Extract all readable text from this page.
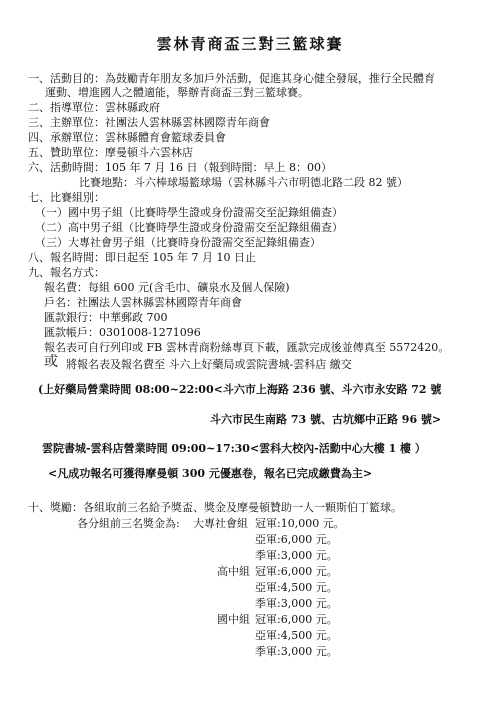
雲林青商盃三對三籃球賽
一、活動目的：為鼓勵青年朋友多加戶外活動，促進其身心健全發展，推行全民體育
運動、增進國人之體適能，舉辦青商盃三對三籃球賽。
二、指導單位：雲林縣政府
三、主辦單位：社團法人雲林縣雲林國際青年商會
四、承辦單位：雲林縣體育會籃球委員會
五、贊助單位：摩曼頓斗六雲林店
六、活動時間：105 年 7 月 16 日（報到時間：早上 8：00）
比賽地點：斗六棒球場籃球場（雲林縣斗六市明德北路二段 82 號）
七、比賽組別：
（一）國中男子組（比賽時學生證或身份證需交至記錄組備查）
（二）高中男子組（比賽時學生證或身份證需交至記錄組備查）
（三）大專社會男子組（比賽時身份證需交至記錄組備查）
八、報名時間：即日起至 105 年 7 月 10 日止
九、報名方式：
報名費：每組 600 元(含毛巾、礦泉水及個人保險)
戶名：社團法人雲林縣雲林國際青年商會
匯款銀行：中華郵政 700
匯款帳戶：0301008-1271096
報名表可自行列印或 FB 雲林青商粉絲專頁下載，匯款完成後並傳真至 5572420。
或 將報名表及報名費至 斗六上好藥局或雲院書城-雲科店 繳交
(上好藥局營業時間 08:00~22:00<斗六市上海路 236 號、斗六市永安路 72 號
斗六市民生南路 73 號、古坑鄉中正路 96 號>
雲院書城-雲科店營業時間 09:00~17:30<雲科大校內-活動中心大樓 1 樓 ）
<凡成功報名可獲得摩曼頓 300 元優惠卷，報名已完成繳費為主>
十、獎勵：各組取前三名給予獎盃、獎金及摩曼頓贊助一人一顆斯伯丁籃球。
各分組前三名獎金為: 大專社會組 冠軍:10,000 元。
亞軍:6,000 元。
季軍:3,000 元。
高中組 冠軍:6,000 元。
亞軍:4,500 元。
季軍:3,000 元。
國中組 冠軍:6,000 元。
亞軍:4,500 元。
季軍:3,000 元。
